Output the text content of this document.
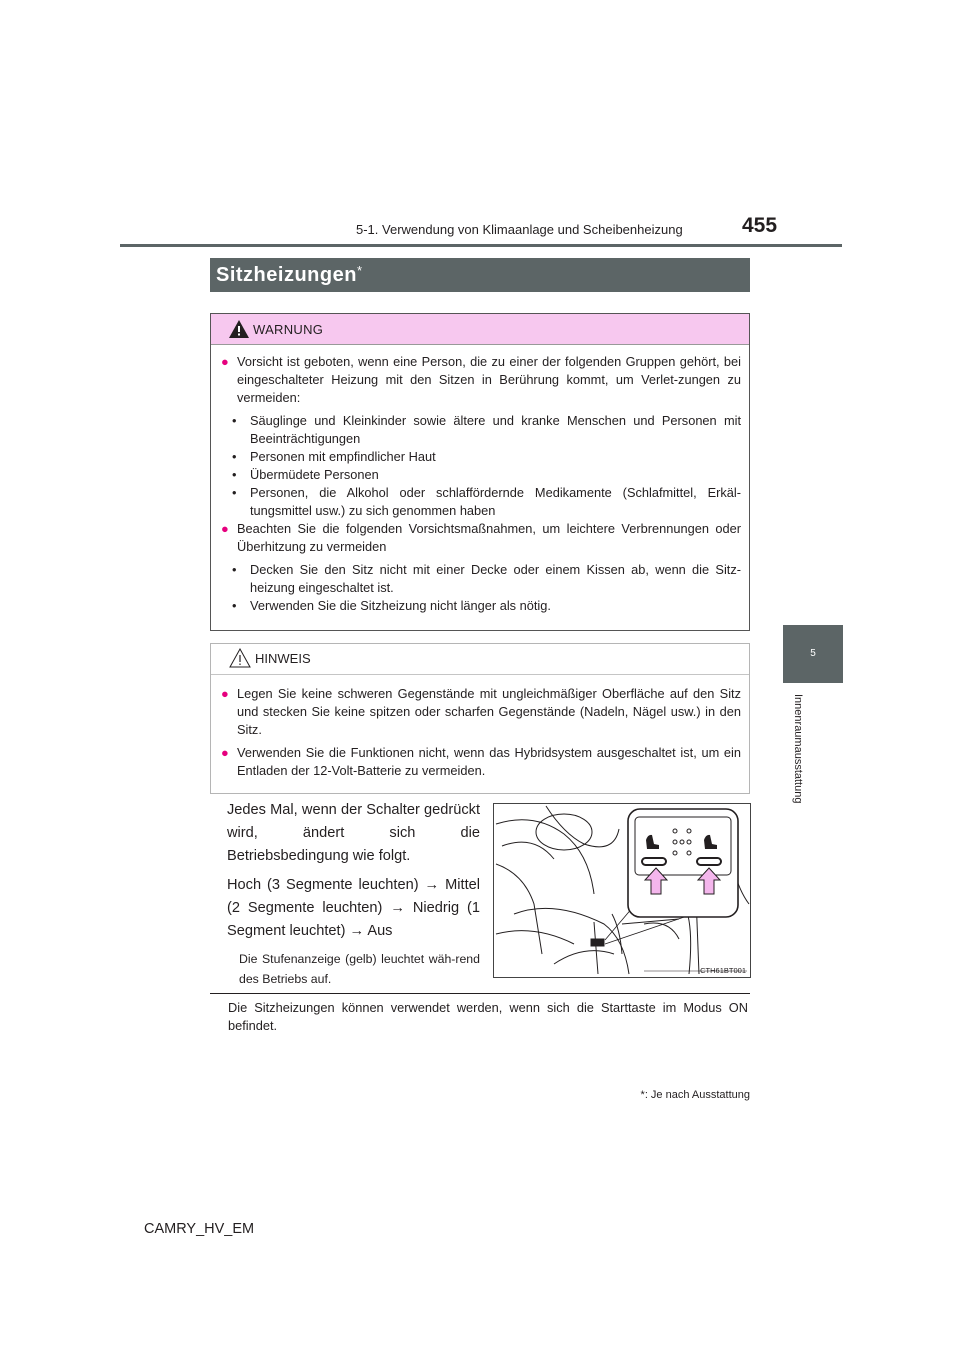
5-1. Verwendung von Klimaanlage und Scheibenheizung	455
5
Innenraumausstattung
Sitzheizungen*
WARNUNG
● Vorsicht ist geboten, wenn eine Person, die zu einer der folgenden Gruppen gehört, bei eingeschalteter Heizung mit den Sitzen in Berührung kommt, um Verlet-zungen zu vermeiden:
• Säuglinge und Kleinkinder sowie ältere und kranke Menschen und Personen mit Beeinträchtigungen
• Personen mit empfindlicher Haut
• Übermüdete Personen
• Personen, die Alkohol oder schlaffördernde Medikamente (Schlafmittel, Erkäl-tungsmittel usw.) zu sich genommen haben
● Beachten Sie die folgenden Vorsichtsmaßnahmen, um leichtere Verbrennungen oder Überhitzung zu vermeiden
• Decken Sie den Sitz nicht mit einer Decke oder einem Kissen ab, wenn die Sitz-heizung eingeschaltet ist.
• Verwenden Sie die Sitzheizung nicht länger als nötig.
HINWEIS
● Legen Sie keine schweren Gegenstände mit ungleichmäßiger Oberfläche auf den Sitz und stecken Sie keine spitzen oder scharfen Gegenstände (Nadeln, Nägel usw.) in den Sitz.
● Verwenden Sie die Funktionen nicht, wenn das Hybridsystem ausgeschaltet ist, um ein Entladen der 12-Volt-Batterie zu vermeiden.

Jedes Mal, wenn der Schalter gedrückt wird, ändert sich die Betriebsbedingung wie folgt.

Hoch (3 Segmente leuchten) → Mittel (2 Segmente leuchten) → Niedrig (1 Segment leuchtet) → Aus

Die Stufenanzeige (gelb) leuchtet wäh-rend des Betriebs auf.

CTH61BT001
Die Sitzheizungen können verwendet werden, wenn sich die Starttaste im Modus ON befindet.
*: Je nach Ausstattung
CAMRY_HV_EM
